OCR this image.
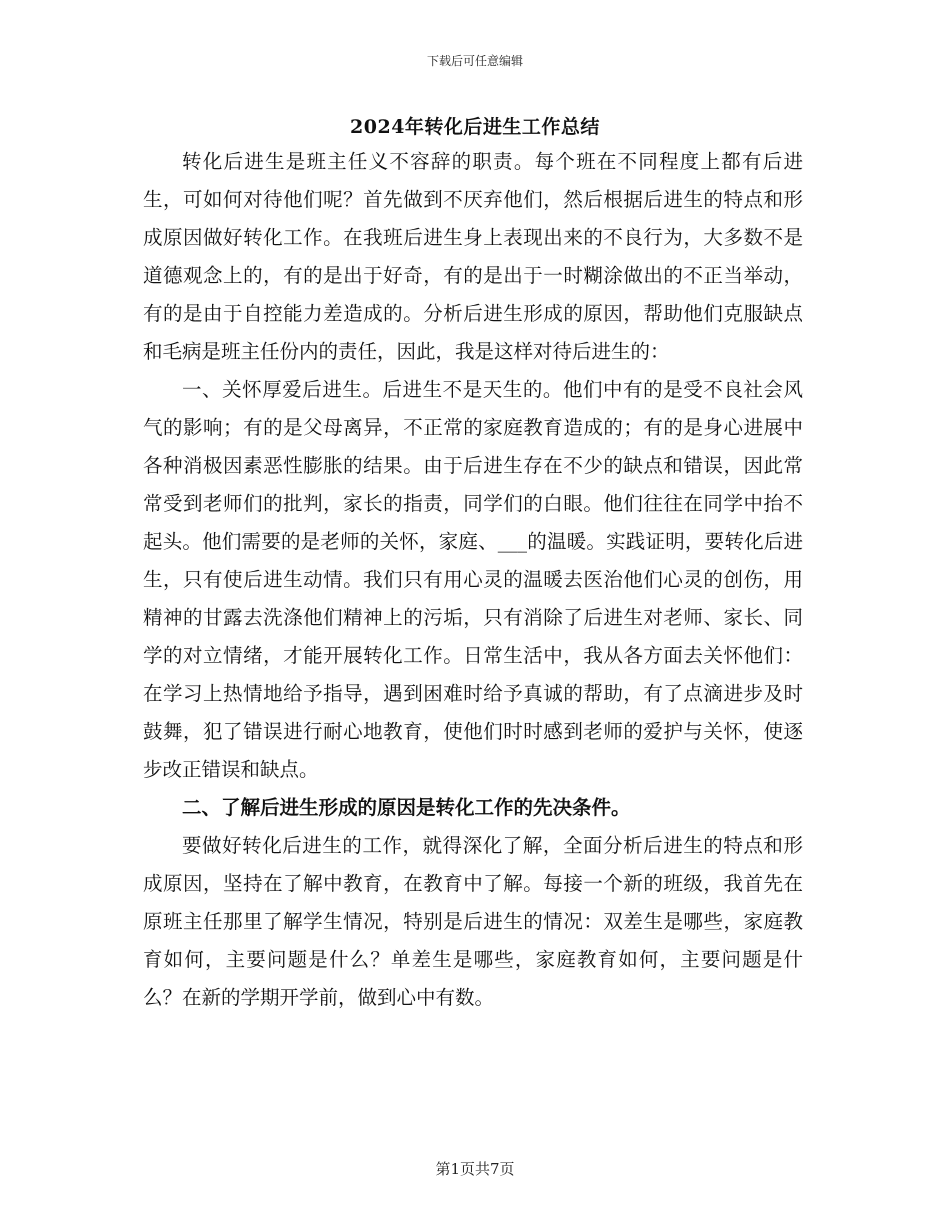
下载后可任意编辑
2024年转化后进生工作总结

转化后进生是班主任义不容辞的职责。每个班在不同程度上都有后进生，可如何对待他们呢？首先做到不厌弃他们，然后根据后进生的特点和形成原因做好转化工作。在我班后进生身上表现出来的不良行为，大多数不是道德观念上的，有的是出于好奇，有的是出于一时糊涂做出的不正当举动，有的是由于自控能力差造成的。分析后进生形成的原因，帮助他们克服缺点和毛病是班主任份内的责任，因此，我是这样对待后进生的：

一、关怀厚爱后进生。后进生不是天生的。他们中有的是受不良社会风气的影响；有的是父母离异，不正常的家庭教育造成的；有的是身心进展中各种消极因素恶性膨胀的结果。由于后进生存在不少的缺点和错误，因此常常受到老师们的批判，家长的指责，同学们的白眼。他们往往在同学中抬不起头。他们需要的是老师的关怀，家庭、___的温暖。实践证明，要转化后进生，只有使后进生动情。我们只有用心灵的温暖去医治他们心灵的创伤，用精神的甘露去洗涤他们精神上的污垢，只有消除了后进生对老师、家长、同学的对立情绪，才能开展转化工作。日常生活中，我从各方面去关怀他们：在学习上热情地给予指导，遇到困难时给予真诚的帮助，有了点滴进步及时鼓舞，犯了错误进行耐心地教育，使他们时时感到老师的爱护与关怀，使逐步改正错误和缺点。

二、了解后进生形成的原因是转化工作的先决条件。

要做好转化后进生的工作，就得深化了解，全面分析后进生的特点和形成原因，坚持在了解中教育，在教育中了解。每接一个新的班级，我首先在原班主任那里了解学生情况，特别是后进生的情况：双差生是哪些，家庭教育如何，主要问题是什么？单差生是哪些，家庭教育如何，主要问题是什么？在新的学期开学前，做到心中有数。

第1页共7页
